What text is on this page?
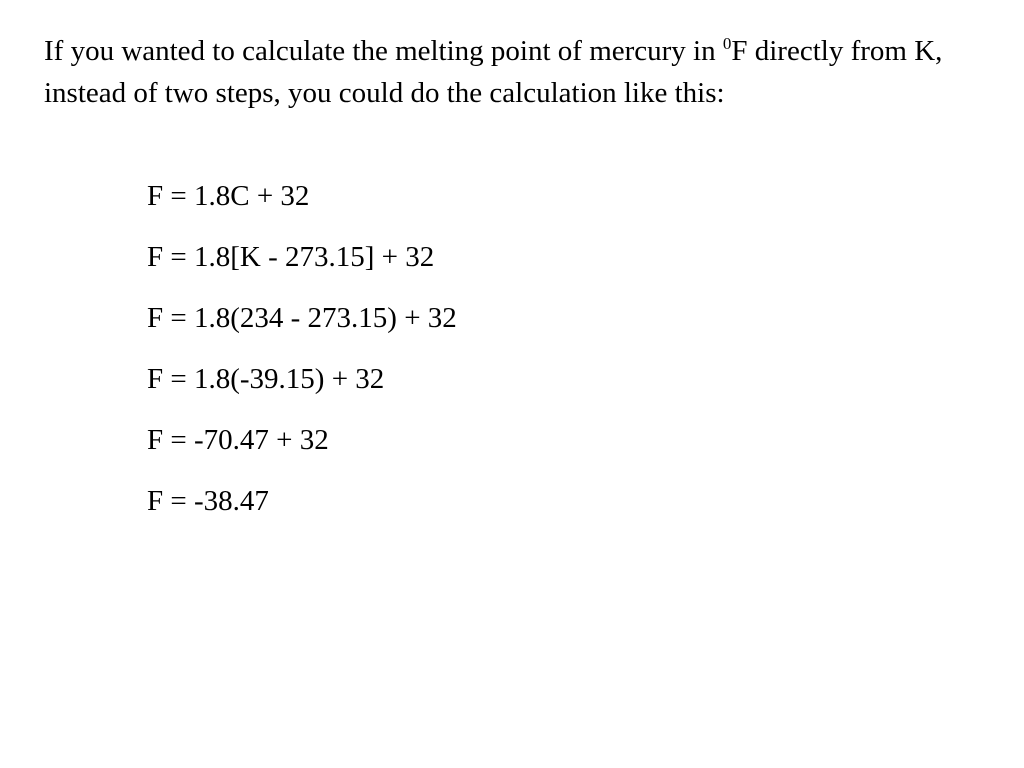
If you wanted to calculate the melting point of mercury in $^0$F directly from K, instead of two steps, you could do the calculation like this:

F = 1.8C + 32
F = 1.8[K - 273.15] + 32
F = 1.8(234 - 273.15) + 32
F = 1.8(-39.15) + 32
F = -70.47 + 32
F = -38.47
